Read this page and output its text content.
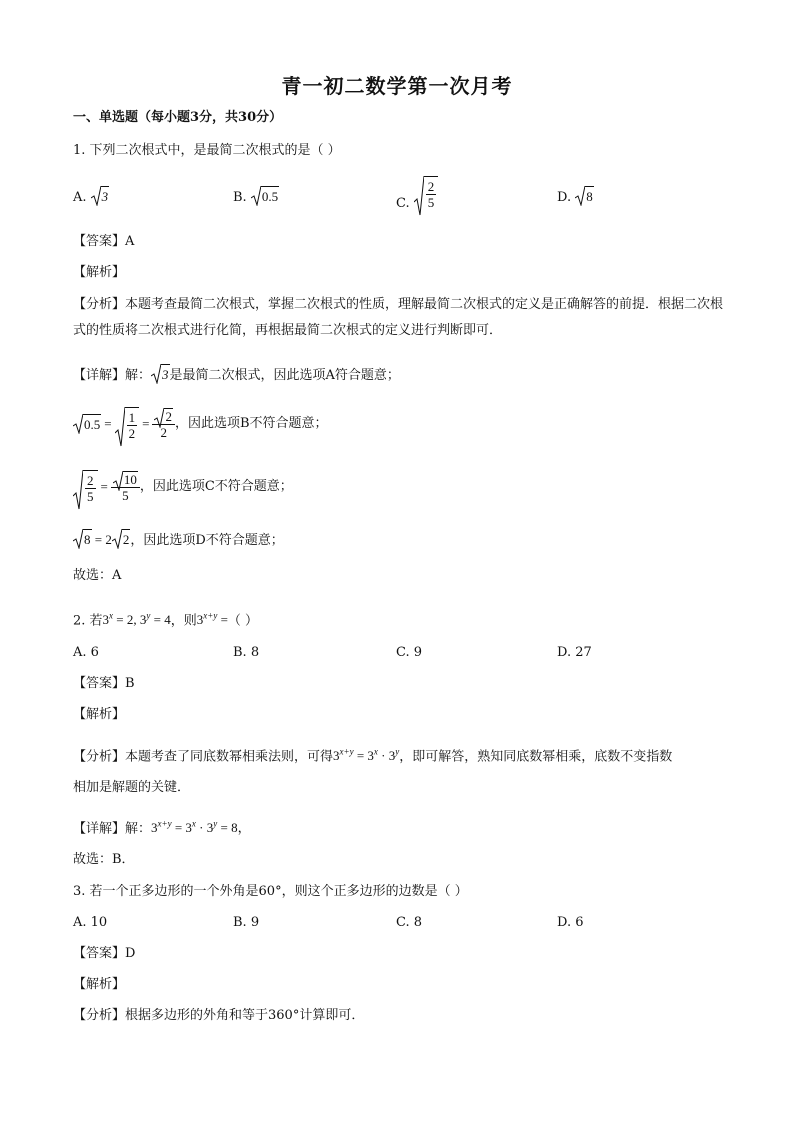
青一初二数学第一次月考
一、单选题（每小题3分，共30分）
1. 下列二次根式中，是最简二次根式的是（ ）
A. 3	B. 0.5	C. $\frac{2}{5}$	D. 8
【答案】A
【解析】
【分析】本题考查最简二次根式，掌握二次根式的性质，理解最简二次根式的定义是正确解答的前提．根据二次根式的性质将二次根式进行化简，再根据最简二次根式的定义进行判断即可．
【详解】解： 3是最简二次根式，因此选项A符合题意；
$0.5 = \frac{1}{2} = \frac{2}{2}$ ，因此选项B不符合题意；
$\frac{2}{5} = \frac{10}{5}$ ，因此选项C不符合题意；
8 = 2 2，因此选项D不符合题意；
故选：A
2. 若$3^x = 2$, $3^y = 4$，则$3^{x+y}$ =（ ）
A. 6	B. 8	C. 9	D. 27
【答案】B
【解析】
【分析】本题考查了同底数幂相乘法则，可得$3^{x+y} = 3^x \cdot 3^y$，即可解答，熟知同底数幂相乘，底数不变指数
相加是解题的关键．
【详解】解：$3^{x+y} = 3^x \cdot 3^y = 8$，
故选：B．
3. 若一个正多边形的一个外角是60°，则这个正多边形的边数是（ ）
A. 10	B. 9	C. 8	D. 6
【答案】D
【解析】
【分析】根据多边形的外角和等于360°计算即可．
